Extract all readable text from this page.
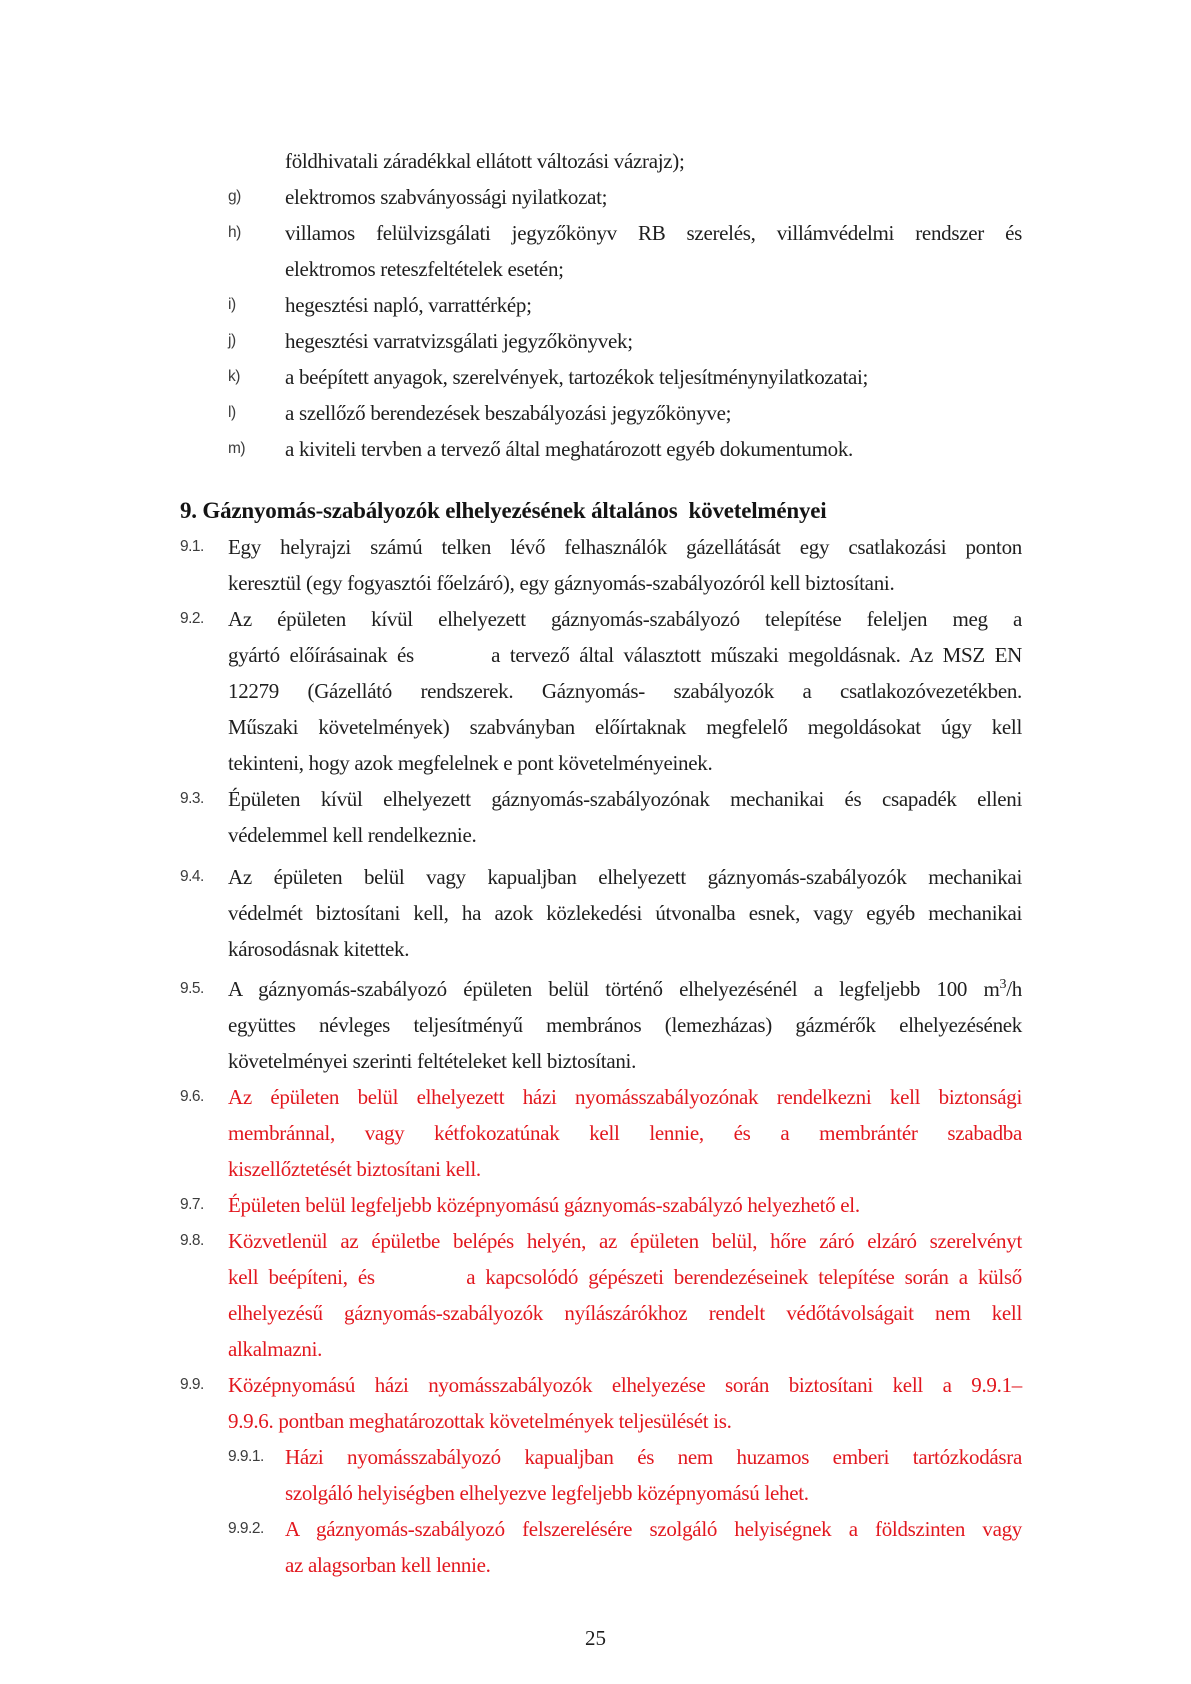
földhivatali záradékkal ellátott változási vázrajz);
g)	elektromos szabványossági nyilatkozat;
h)	villamos felülvizsgálati jegyzőkönyv RB szerelés, villámvédelmi rendszer és
elektromos reteszfeltételek esetén;
i)	hegesztési napló, varrattérkép;
j)	hegesztési varratvizsgálati jegyzőkönyvek;
k)	a beépített anyagok, szerelvények, tartozékok teljesítménynyilatkozatai;
l)	a szellőző berendezések beszabályozási jegyzőkönyve;
m)	a kiviteli tervben a tervező által meghatározott egyéb dokumentumok.
9. Gáznyomás-szabályozók elhelyezésének általános  követelményei
9.1.	Egy helyrajzi számú telken lévő felhasználók gázellátását egy csatlakozási ponton
keresztül (egy fogyasztói főelzáró), egy gáznyomás-szabályozóról kell biztosítani.
9.2.	Az épületen kívül elhelyezett gáznyomás-szabályozó telepítése feleljen meg a
gyártó előírásainak és        a tervező által választott műszaki megoldásnak. Az MSZ EN
12279 (Gázellátó rendszerek. Gáznyomás- szabályozók a csatlakozóvezetékben.
Műszaki követelmények) szabványban előírtaknak megfelelő megoldásokat úgy kell
tekinteni, hogy azok megfelelnek e pont követelményeinek.
9.3.	Épületen kívül elhelyezett gáznyomás-szabályozónak mechanikai és csapadék elleni
védelemmel kell rendelkeznie.
9.4.	Az épületen belül vagy kapualjban elhelyezett gáznyomás-szabályozók mechanikai
védelmét biztosítani kell, ha azok közlekedési útvonalba esnek, vagy egyéb mechanikai
károsodásnak kitettek.
9.5.	A gáznyomás-szabályozó épületen belül történő elhelyezésénél a legfeljebb 100 $m^3/h$
együttes névleges teljesítményű membrános (lemezházas) gázmérők elhelyezésének
követelményei szerinti feltételeket kell biztosítani.
9.6.	Az épületen belül elhelyezett házi nyomásszabályozónak rendelkezni kell biztonsági
membránnal, vagy kétfokozatúnak kell lennie, és a membrántér szabadba
kiszellőztetését biztosítani kell.
9.7.	Épületen belül legfeljebb középnyomású gáznyomás-szabályzó helyezhető el.
9.8.	Közvetlenül az épületbe belépés helyén, az épületen belül, hőre záró elzáró szerelvényt
kell beépíteni, és         a kapcsolódó gépészeti berendezéseinek telepítése során a külső
elhelyezésű gáznyomás-szabályozók nyílászárókhoz rendelt védőtávolságait nem kell
alkalmazni.
9.9.	Középnyomású házi nyomásszabályozók elhelyezése során biztosítani kell a 9.9.1–
9.9.6. pontban meghatározottak követelmények teljesülését is.
9.9.1.	Házi nyomásszabályozó kapualjban és nem huzamos emberi tartózkodásra
szolgáló helyiségben elhelyezve legfeljebb középnyomású lehet.
9.9.2.	A gáznyomás-szabályozó felszerelésére szolgáló helyiségnek a földszinten vagy
az alagsorban kell lennie.
25
